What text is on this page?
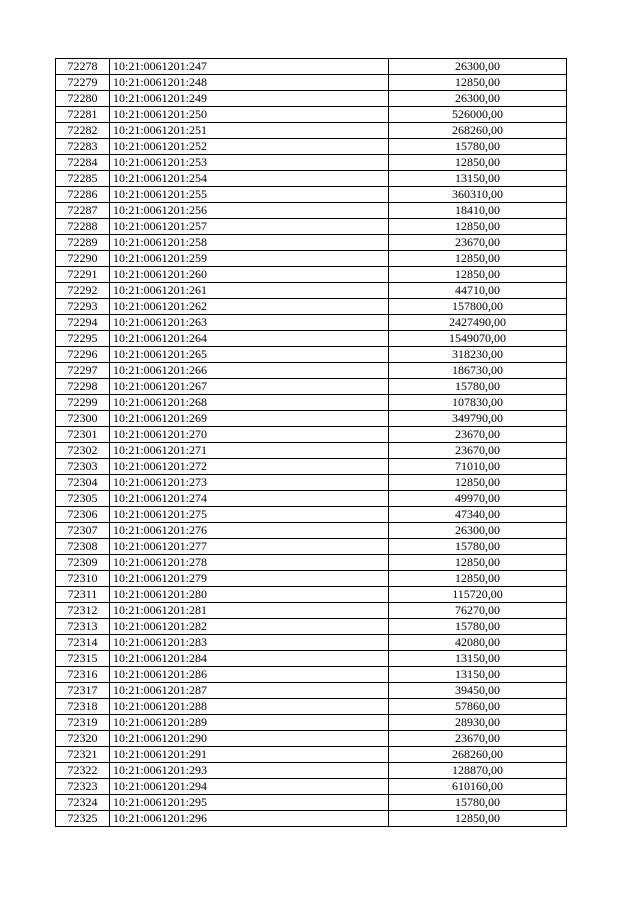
72278	10:21:0061201:247	26300,00
72279	10:21:0061201:248	12850,00
72280	10:21:0061201:249	26300,00
72281	10:21:0061201:250	526000,00
72282	10:21:0061201:251	268260,00
72283	10:21:0061201:252	15780,00
72284	10:21:0061201:253	12850,00
72285	10:21:0061201:254	13150,00
72286	10:21:0061201:255	360310,00
72287	10:21:0061201:256	18410,00
72288	10:21:0061201:257	12850,00
72289	10:21:0061201:258	23670,00
72290	10:21:0061201:259	12850,00
72291	10:21:0061201:260	12850,00
72292	10:21:0061201:261	44710,00
72293	10:21:0061201:262	157800,00
72294	10:21:0061201:263	2427490,00
72295	10:21:0061201:264	1549070,00
72296	10:21:0061201:265	318230,00
72297	10:21:0061201:266	186730,00
72298	10:21:0061201:267	15780,00
72299	10:21:0061201:268	107830,00
72300	10:21:0061201:269	349790,00
72301	10:21:0061201:270	23670,00
72302	10:21:0061201:271	23670,00
72303	10:21:0061201:272	71010,00
72304	10:21:0061201:273	12850,00
72305	10:21:0061201:274	49970,00
72306	10:21:0061201:275	47340,00
72307	10:21:0061201:276	26300,00
72308	10:21:0061201:277	15780,00
72309	10:21:0061201:278	12850,00
72310	10:21:0061201:279	12850,00
72311	10:21:0061201:280	115720,00
72312	10:21:0061201:281	76270,00
72313	10:21:0061201:282	15780,00
72314	10:21:0061201:283	42080,00
72315	10:21:0061201:284	13150,00
72316	10:21:0061201:286	13150,00
72317	10:21:0061201:287	39450,00
72318	10:21:0061201:288	57860,00
72319	10:21:0061201:289	28930,00
72320	10:21:0061201:290	23670,00
72321	10:21:0061201:291	268260,00
72322	10:21:0061201:293	128870,00
72323	10:21:0061201:294	610160,00
72324	10:21:0061201:295	15780,00
72325	10:21:0061201:296	12850,00
